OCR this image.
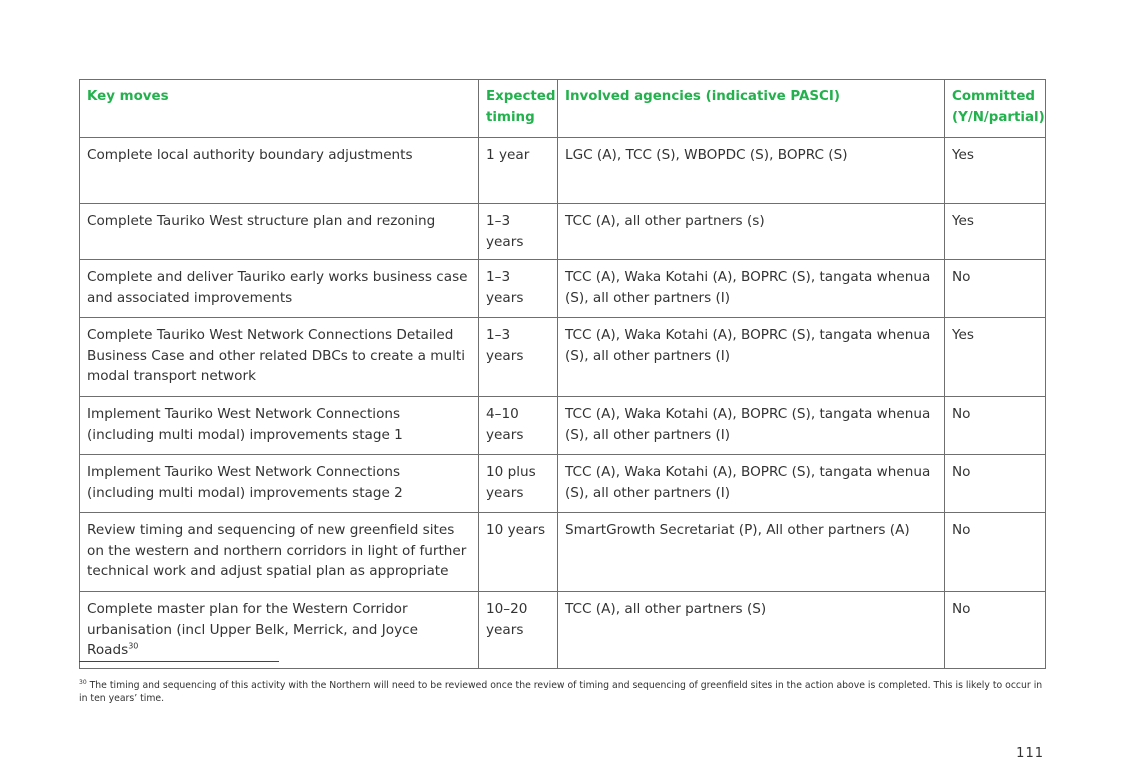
Key moves	Expected timing	Involved agencies (indicative PASCI)	Committed (Y/N/partial)
Complete local authority boundary adjustments	1 year	LGC (A), TCC (S), WBOPDC (S), BOPRC (S)	Yes
Complete Tauriko West structure plan and rezoning	1–3 years	TCC (A), all other partners (s)	Yes
Complete and deliver Tauriko early works business case and associated improvements	1–3 years	TCC (A), Waka Kotahi (A), BOPRC (S), tangata whenua (S), all other partners (I)	No
Complete Tauriko West Network Connections Detailed Business Case and other related DBCs to create a multi modal transport network	1–3 years	TCC (A), Waka Kotahi (A), BOPRC (S), tangata whenua (S), all other partners (I)	Yes
Implement Tauriko West Network Connections (including multi modal) improvements stage 1	4–10 years	TCC (A), Waka Kotahi (A), BOPRC (S), tangata whenua (S), all other partners (I)	No
Implement Tauriko West Network Connections (including multi modal) improvements stage 2	10 plus years	TCC (A), Waka Kotahi (A), BOPRC (S), tangata whenua (S), all other partners (I)	No
Review timing and sequencing of new greenfield sites on the western and northern corridors in light of further technical work and adjust spatial plan as appropriate	10 years	SmartGrowth Secretariat (P), All other partners (A)	No
Complete master plan for the Western Corridor urbanisation (incl Upper Belk, Merrick, and Joyce Roads$^{30}$	10–20 years	TCC (A), all other partners (S)	No
$^{30}$ The timing and sequencing of this activity with the Northern will need to be reviewed once the review of timing and sequencing of greenfield sites in the action above is completed. This is likely to occur in in ten years’ time.
111
